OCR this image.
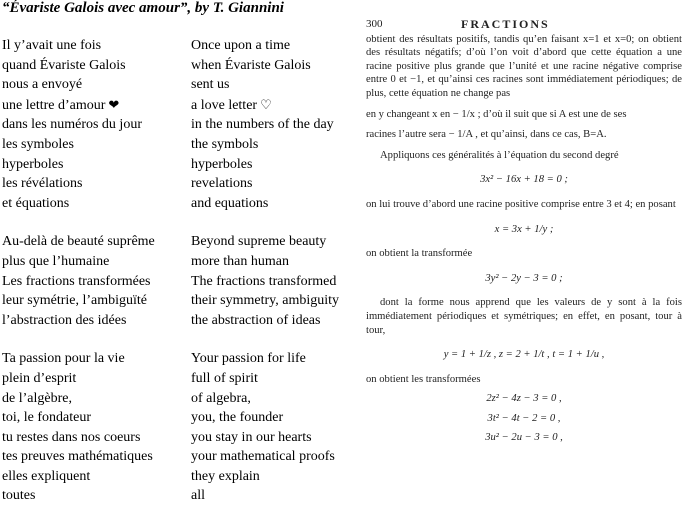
“Évariste Galois avec amour”, by T. Giannini
Il y’avait une fois
quand Évariste Galois
nous a envoyé
une lettre d’amour ❤
dans les numéros du jour
les symboles
hyperboles
les révélations
et équations
Au-delà de beauté suprême
plus que l’humaine
Les fractions transformées
leur symétrie, l’ambiguïté
l’abstraction des idées
Ta passion pour la vie
plein d’esprit
de l’algèbre,
toi, le fondateur
tu restes dans nos coeurs
tes preuves mathématiques
elles expliquent
toutes
Once upon a time
when Évariste Galois
sent us
a love letter ♡
in the numbers of the day
the symbols
hyperboles
revelations
and equations
Beyond supreme beauty
more than human
The fractions transformed
their symmetry, ambiguity
the abstraction of ideas
Your passion for life
full of spirit
of algebra,
you, the founder
you stay in our hearts
your mathematical proofs
they explain
all
300	FRACTIONS

obtient des résultats positifs, tandis qu’en faisant x=1 et x=0; on obtient des résultats négatifs; d’où l’on voit d’abord que cette équation a une racine positive plus grande que l’unité et une racine négative comprise entre 0 et −1, et qu’ainsi ces racines sont immédiatement périodiques; de plus, cette équation ne change pas

en y changeant x en − 1/x ; d’où il suit que si A est une de ses

racines l’autre sera − 1/A , et qu’ainsi, dans ce cas, B=A.

Appliquons ces généralités à l’équation du second degré

3x² − 16x + 18 = 0 ;

on lui trouve d’abord une racine positive comprise entre 3 et 4; en posant

x = 3x + 1/y ;

on obtient la transformée

3y² − 2y − 3 = 0 ;

dont la forme nous apprend que les valeurs de y sont à la fois immédiatement périodiques et symétriques; en effet, en posant, tour à tour,

y = 1 + 1/z , z = 2 + 1/t , t = 1 + 1/u ,

on obtient les transformées

2z² − 4z − 3 = 0 ,
3t² − 4t − 2 = 0 ,
3u² − 2u − 3 = 0 ,
